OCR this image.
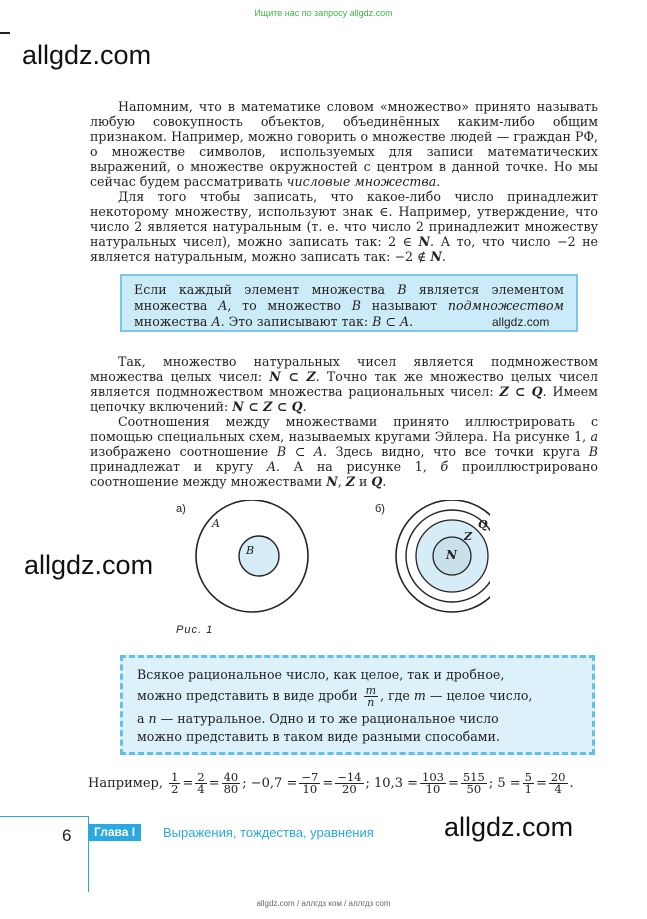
Ищите нас по запросу allgdz.com
allgdz.com

Напомним, что в математике словом «множество» принято называть любую совокупность объектов, объединённых каким-либо общим признаком. Например, можно говорить о множестве людей — граждан РФ, о множестве символов, используемых для записи математических выражений, о множестве окружностей с центром в данной точке. Но мы сейчас будем рассматривать числовые множества.

Для того чтобы записать, что какое-либо число принадлежит некоторому множеству, используют знак ∈. Например, утверждение, что число 2 является натуральным (т. е. что число 2 принадлежит множеству натуральных чисел), можно записать так: 2 ∈ N. А то, что число −2 не является натуральным, можно записать так: −2 ∉ N.

Если каждый элемент множества B является элементом множества A, то множество B называют подмножеством множества A. Это записывают так: B ⊂ A.	allgdz.com

Так, множество натуральных чисел является подмножеством множества целых чисел: N ⊂ Z. Точно так же множество целых чисел является подмножеством множества рациональных чисел: Z ⊂ Q. Имеем цепочку включений: N ⊂ Z ⊂ Q.

Соотношения между множествами принято иллюстрировать с помощью специальных схем, называемых кругами Эйлера. На рисунке 1, а изображено соотношение B ⊂ A. Здесь видно, что все точки круга B принадлежат и кругу A. А на рисунке 1, б проиллюстрировано соотношение между множествами N, Z и Q.

а)	б)
A
B
Q
Z
N
allgdz.com
Рис. 1

Всякое рациональное число, как целое, так и дробное,

можно представить в виде дроби $\frac{m}{n}$ , где m — целое число,

а n — натуральное. Одно и то же рациональное число

можно представить в таком виде разными способами.

Например, $\frac{1}{2} = \frac{2}{4} = \frac{40}{80}$ ; $-0,7 = \frac{-7}{10} = \frac{-14}{20}$ ; $10,3 = \frac{103}{10} = \frac{515}{50}$ ; $5 = \frac{5}{1} = \frac{20}{4}$ .
6	Глава I	Выражения, тождества, уравнения	allgdz.com
allgdz.com / аллгдз ком / аллгдз com
